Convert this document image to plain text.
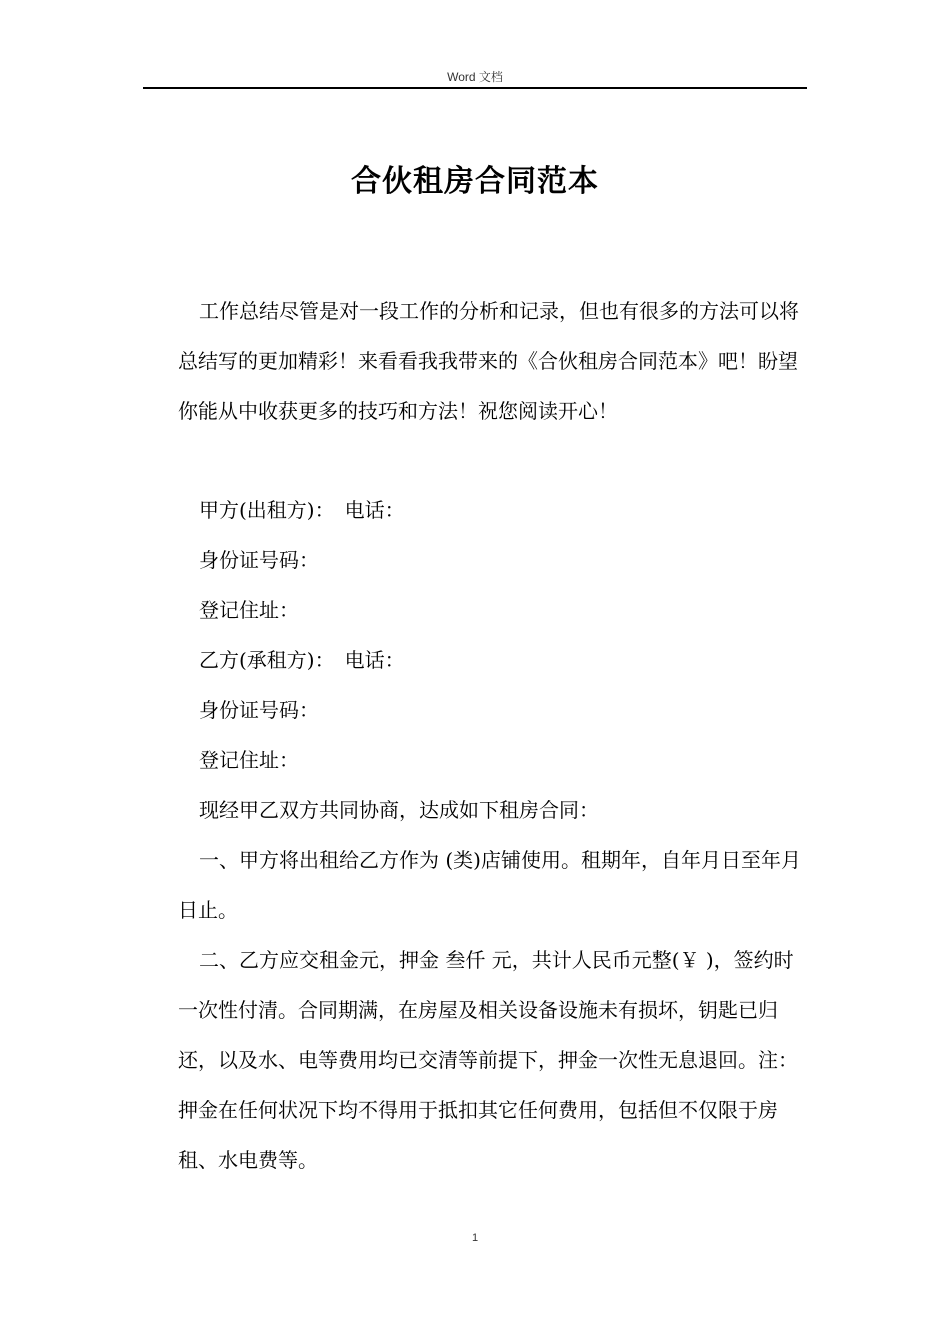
Word 文档
合伙租房合同范本

工作总结尽管是对一段工作的分析和记录，但也有很多的方法可以将总结写的更加精彩！来看看我我带来的《合伙租房合同范本》吧！盼望你能从中收获更多的技巧和方法！祝您阅读开心！

甲方(出租方)：　电话：

身份证号码：

登记住址：

乙方(承租方)：　电话：

身份证号码：

登记住址：

现经甲乙双方共同协商，达成如下租房合同：

一、甲方将出租给乙方作为 (类)店铺使用。租期年，自年月日至年月日止。

二、乙方应交租金元，押金 叁仟 元，共计人民币元整(￥ )，签约时一次性付清。合同期满，在房屋及相关设备设施未有损坏，钥匙已归还，以及水、电等费用均已交清等前提下，押金一次性无息退回。注：押金在任何状况下均不得用于抵扣其它任何费用，包括但不仅限于房租、水电费等。

1
